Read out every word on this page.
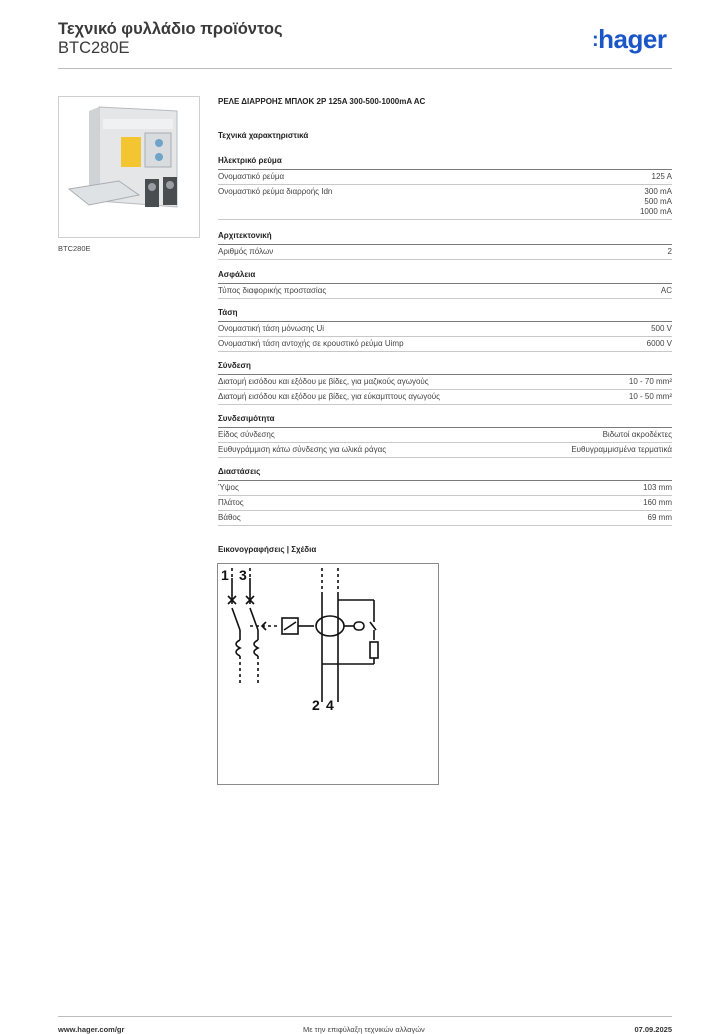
Τεχνικό φυλλάδιο προϊόντος
BTC280E	:hager
BTC280E
ΡΕΛΕ ΔΙΑΡΡΟΗΣ ΜΠΛΟΚ 2P 125A 300-500-1000mA AC
Τεχνικά χαρακτηριστικά
Ηλεκτρικό ρεύμα
Ονομαστικό ρεύμα	125 A
Ονομαστικό ρεύμα διαρροής Idn	300 mA
500 mA
1000 mA
Αρχιτεκτονική
Αριθμός πόλων	2
Ασφάλεια
Τύπος διαφορικής προστασίας	AC
Τάση
Ονομαστική τάση μόνωσης Ui	500 V
Ονομαστική τάση αντοχής σε κρουστικό ρεύμα Uimp	6000 V
Σύνδεση
Διατομή εισόδου και εξόδου με βίδες, για μαζικούς αγωγούς	10 - 70 mm²
Διατομή εισόδου και εξόδου με βίδες, για εύκαμπτους αγωγούς	10 - 50 mm²
Συνδεσιμότητα
Είδος σύνδεσης	Βιδωτοί ακροδέκτες
Ευθυγράμμιση κάτω σύνδεσης για ωλικά ράγας	Ευθυγραμμισμένα τερματικά
Διαστάσεις
Ύψος	103 mm
Πλάτος	160 mm
Βάθος	69 mm
Εικονογραφήσεις | Σχέδια
1 3
2 4
www.hager.com/gr	Με την επιφύλαξη τεχνικών αλλαγών	07.09.2025
